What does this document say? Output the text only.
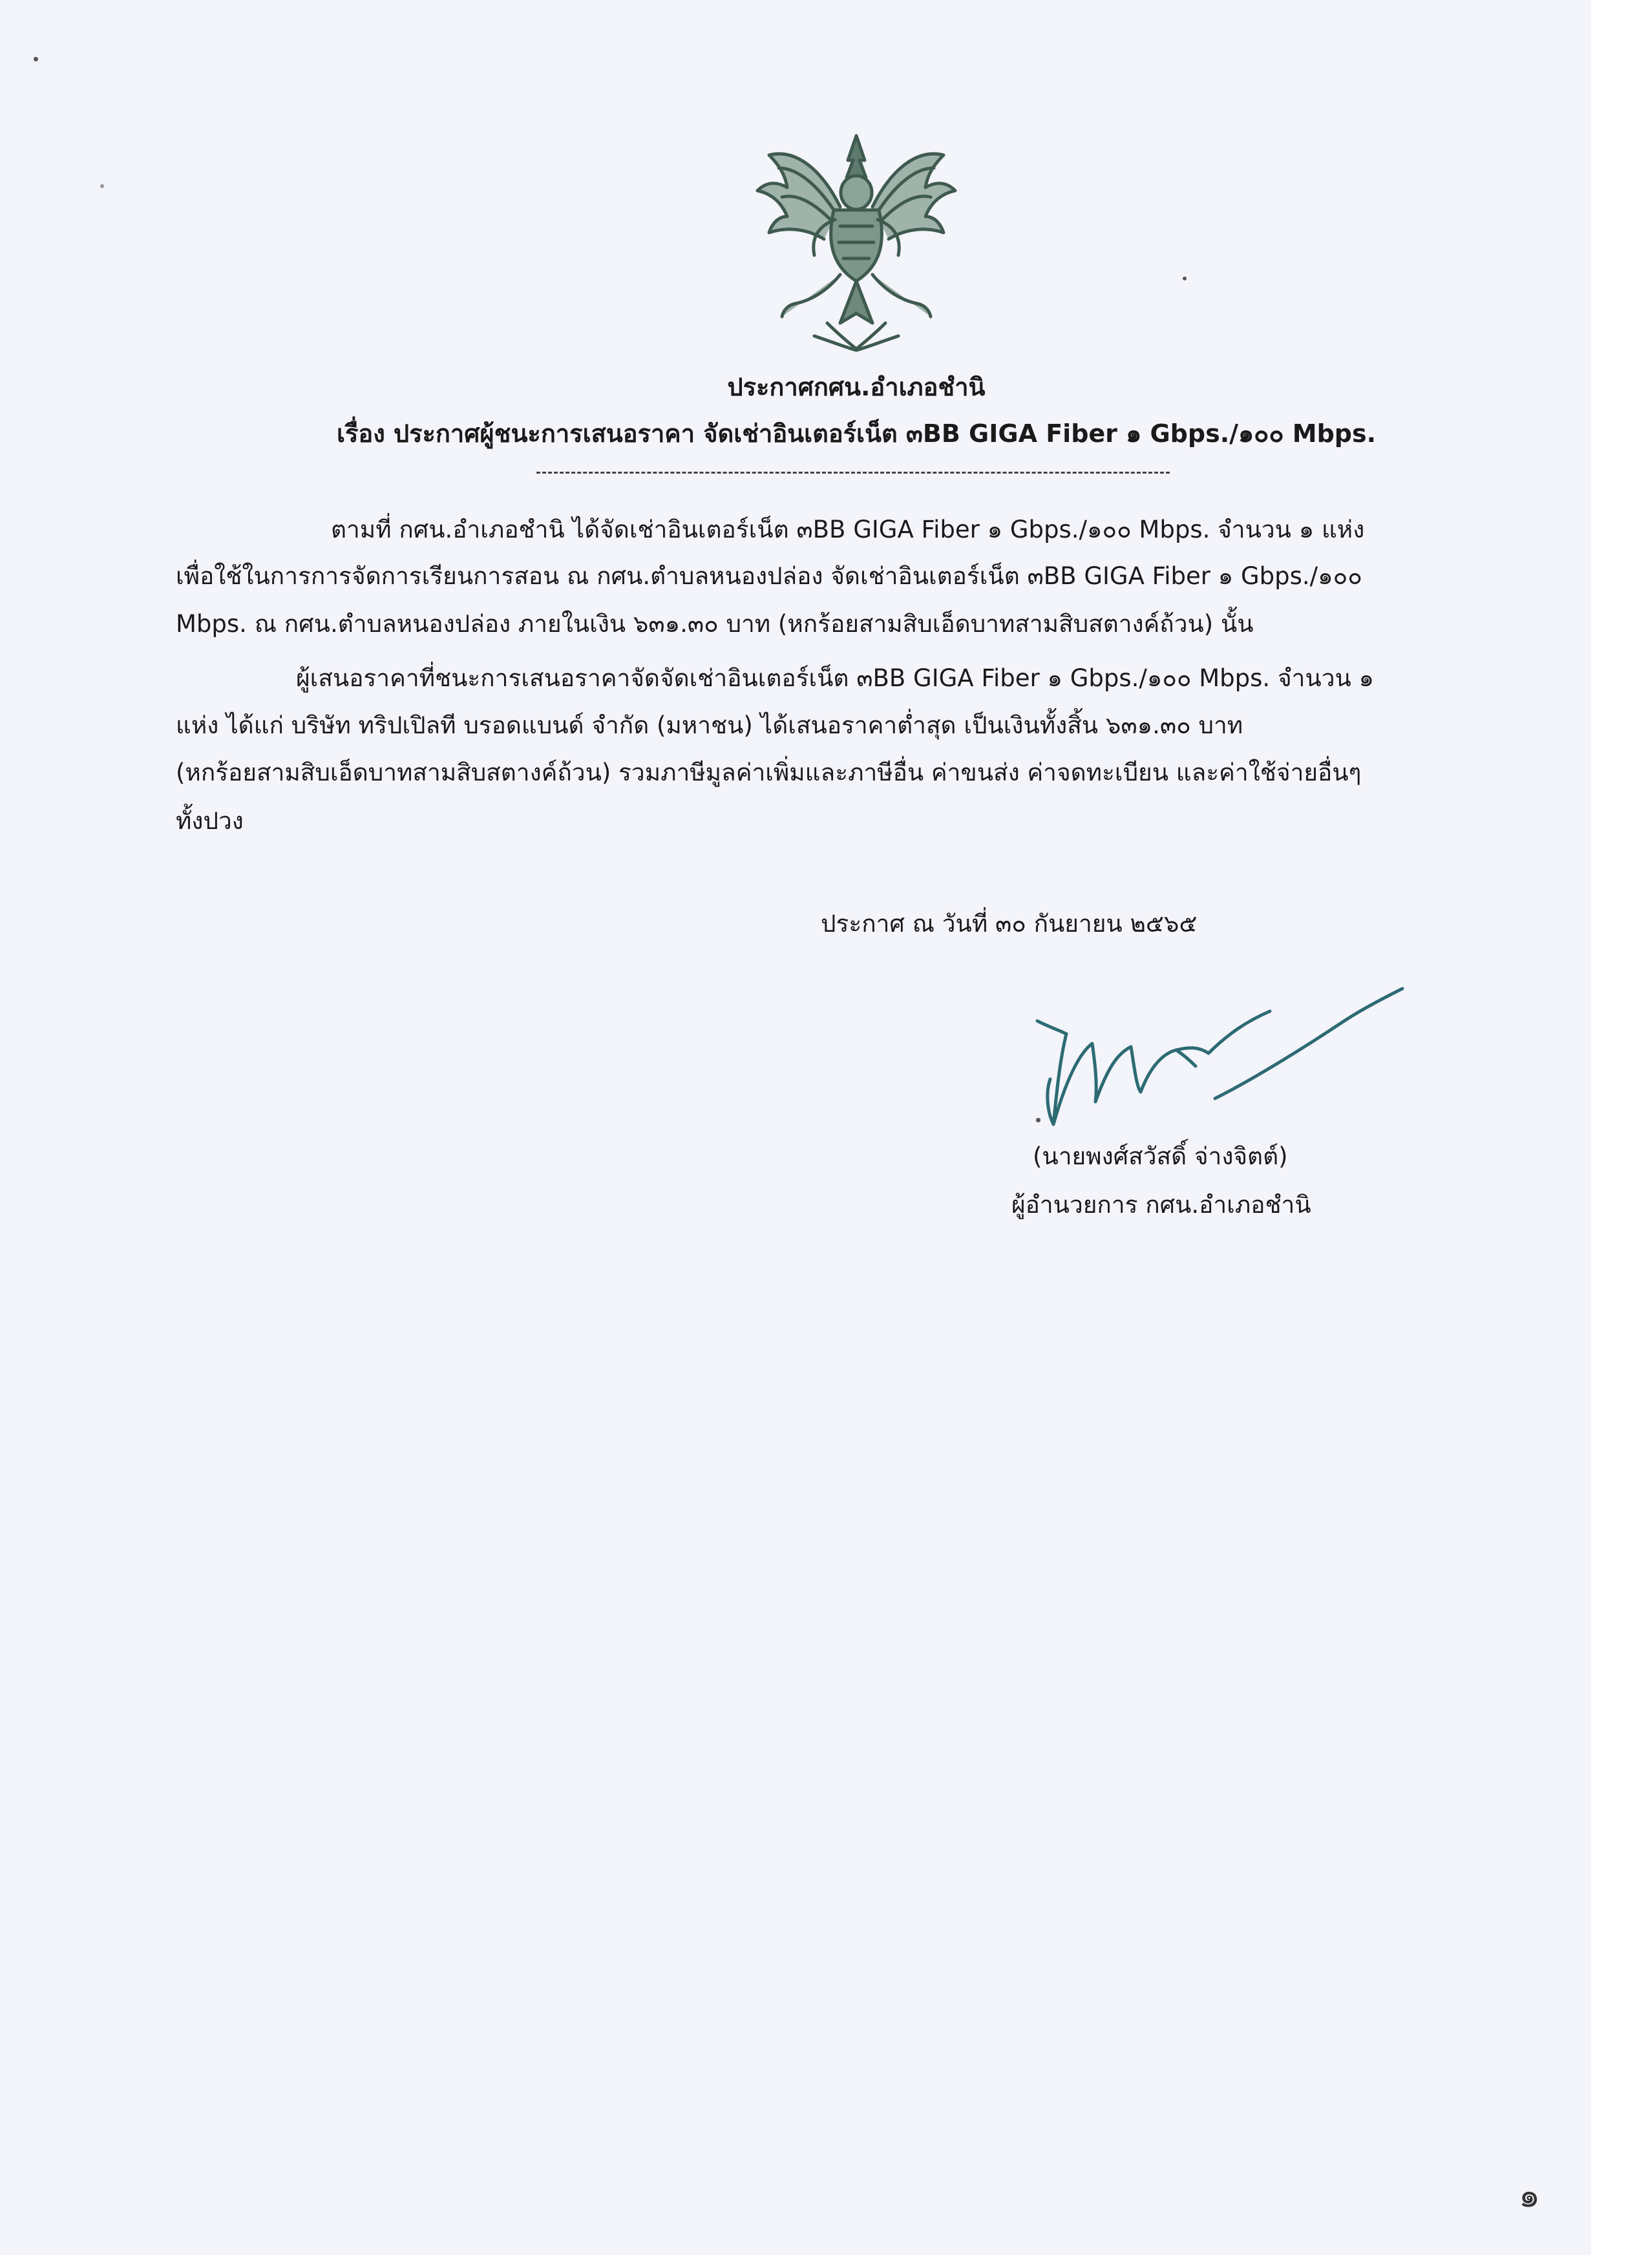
ประกาศกศน.อำเภอชำนิ
เรื่อง ประกาศผู้ชนะการเสนอราคา จัดเช่าอินเตอร์เน็ต ๓BB GIGA Fiber ๑ Gbps./๑๐๐ Mbps.
ตามที่ กศน.อำเภอชำนิ ได้จัดเช่าอินเตอร์เน็ต ๓BB GIGA Fiber ๑ Gbps./๑๐๐ Mbps. จำนวน ๑ แห่ง
เพื่อใช้ในการการจัดการเรียนการสอน ณ กศน.ตำบลหนองปล่อง จัดเช่าอินเตอร์เน็ต ๓BB GIGA Fiber ๑ Gbps./๑๐๐
Mbps. ณ กศน.ตำบลหนองปล่อง ภายในเงิน ๖๓๑.๓๐ บาท (หกร้อยสามสิบเอ็ดบาทสามสิบสตางค์ถ้วน) นั้น
ผู้เสนอราคาที่ชนะการเสนอราคาจัดจัดเช่าอินเตอร์เน็ต ๓BB GIGA Fiber ๑ Gbps./๑๐๐ Mbps. จำนวน ๑
แห่ง ได้แก่ บริษัท ทริปเปิลที บรอดแบนด์ จำกัด (มหาชน) ได้เสนอราคาต่ำสุด เป็นเงินทั้งสิ้น ๖๓๑.๓๐ บาท
(หกร้อยสามสิบเอ็ดบาทสามสิบสตางค์ถ้วน) รวมภาษีมูลค่าเพิ่มและภาษีอื่น ค่าขนส่ง ค่าจดทะเบียน และค่าใช้จ่ายอื่นๆ
ทั้งปวง
ประกาศ ณ วันที่ ๓๐ กันยายน ๒๕๖๕
(นายพงศ์สวัสดิ์ จ่างจิตต์)
ผู้อำนวยการ กศน.อำเภอชำนิ
๑
